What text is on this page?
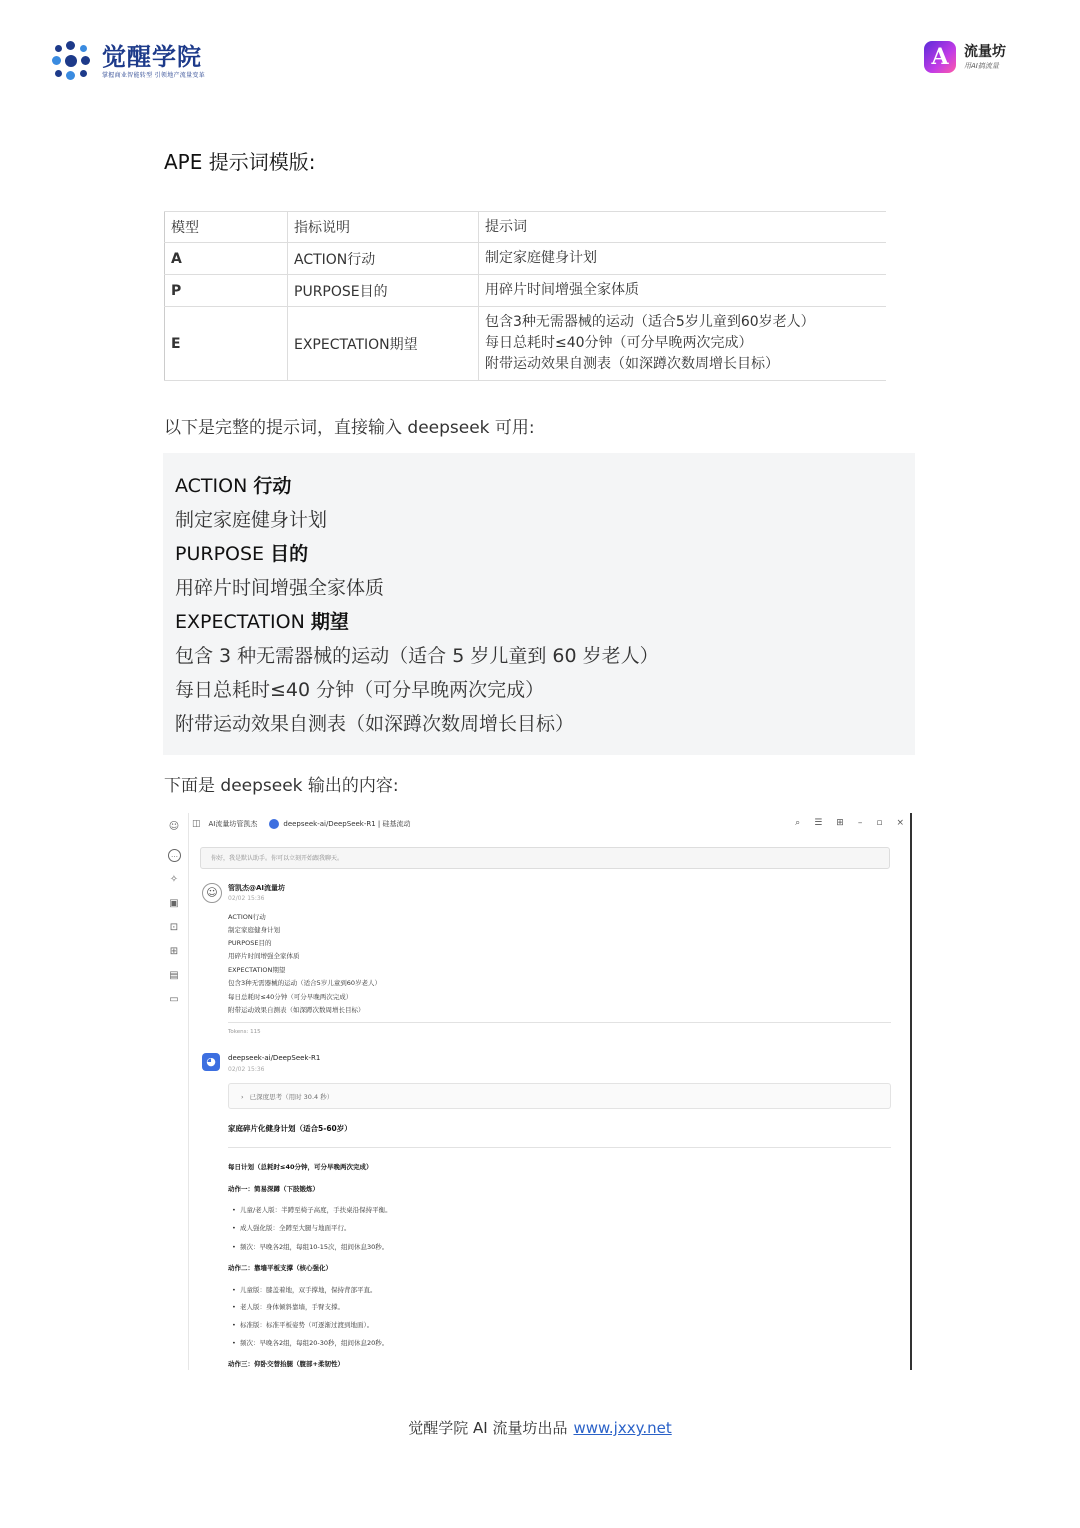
觉醒学院
掌握商业智能转型 引领地产流量变革
A	流量坊
用AI搞流量
APE 提示词模版:
模型	指标说明	提示词
A	ACTION行动	制定家庭健身计划
P	PURPOSE目的	用碎片时间增强全家体质
E	EXPECTATION期望	包含3种无需器械的运动（适合5岁儿童到60岁老人）
每日总耗时≤40分钟（可分早晚两次完成）
附带运动效果自测表（如深蹲次数周增长目标）
以下是完整的提示词，直接输入 deepseek 可用:
ACTION 行动
制定家庭健身计划
PURPOSE 目的
用碎片时间增强全家体质
EXPECTATION 期望
包含 3 种无需器械的运动（适合 5 岁儿童到 60 岁老人）
每日总耗时≤40 分钟（可分早晚两次完成）
附带运动效果自测表（如深蹲次数周增长目标）
下面是 deepseek 输出的内容:
☺
…
✧
▣
⊡
⊞
▤
▭
◫ AI流量坊管凯杰	deepseek-ai/DeepSeek-R1 | 硅基流动	⌕ ☰ ⊞ – ▫ ×
你好，我是默认助手。你可以立刻开始跟我聊天。
☺	管凯杰@AI流量坊
02/02 15:36
ACTION行动
制定家庭健身计划
PURPOSE目的
用碎片时间增强全家体质
EXPECTATION期望
包含3种无需器械的运动（适合5岁儿童到60岁老人）
每日总耗时≤40分钟（可分早晚两次完成）
附带运动效果自测表（如深蹲次数周增长目标）
Tokens: 115
◕	deepseek-ai/DeepSeek-R1
02/02 15:36
› 已深度思考（用时 30.4 秒）
家庭碎片化健身计划（适合5-60岁）
每日计划（总耗时≤40分钟，可分早晚两次完成）
动作一：简易深蹲（下肢锻炼）
•  儿童/老人版：半蹲至椅子高度，手扶桌沿保持平衡。
•  成人强化版：全蹲至大腿与地面平行。
•  频次：早晚各2组，每组10-15次，组间休息30秒。
动作二：靠墙平板支撑（核心强化）
•  儿童版：膝盖着地，双手撑地，保持背部平直。
•  老人版：身体倾斜靠墙，手臂支撑。
•  标准版：标准平板姿势（可逐渐过渡到地面）。
•  频次：早晚各2组，每组20-30秒，组间休息20秒。
动作三：仰卧交替抬腿（腹部+柔韧性）
觉醒学院 AI 流量坊出品 www.jxxy.net
